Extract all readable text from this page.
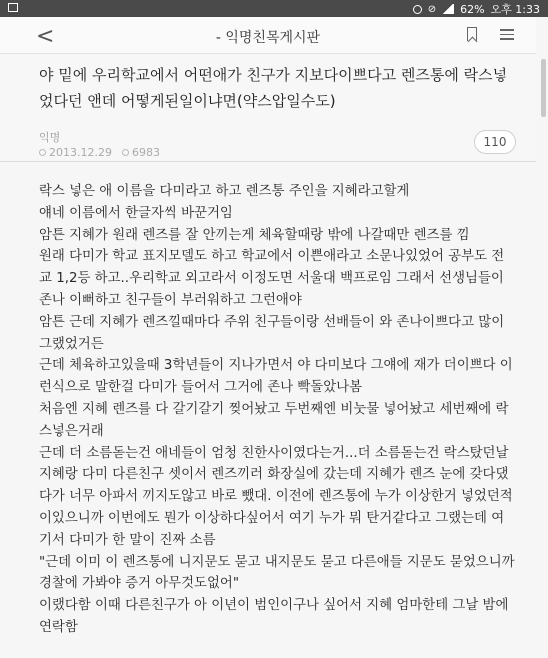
⊘ 62% 오후 1:33
<	- 익명친목게시판
야 밑에 우리학교에서 어떤애가 친구가 지보다이쁘다고 렌즈통에 락스넣었다던 앤데 어떻게된일이냐면(약스압일수도)
익명
2013.12.29	6983
110

락스 넣은 애 이름을 다미라고 하고 렌즈통 주인을 지혜라고할게

얘네 이름에서 한글자씩 바꾼거임

암튼 지혜가 원래 렌즈를 잘 안끼는게 체육할때랑 밖에 나갈때만 렌즈를 낌

원래 다미가 학교 표지모델도 하고 학교에서 이쁜애라고 소문나있었어 공부도 전교 1,2등 하고..우리학교 외고라서 이정도면 서울대 백프로임 그래서 선생님들이 존나 이뻐하고 친구들이 부러워하고 그런애야

암튼 근데 지혜가 렌즈낄때마다 주위 친구들이랑 선배들이 와 존나이쁘다고 많이 그랬었거든

근데 체육하고있을때 3학년들이 지나가면서 야 다미보다 그얘에 재가 더이쁘다 이런식으로 말한걸 다미가 들어서 그거에 존나 빡돌았나봄

처음엔 지혜 렌즈를 다 갈기갈기 찢어놨고 두번째엔 비눗물 넣어놨고 세번째에 락스넣은거래

근데 더 소름돋는건 애네들이 엄청 친한사이였다는거...더 소름돋는건 락스탔던날 지혜랑 다미 다른친구 셋이서 렌즈끼러 화장실에 갔는데 지혜가 렌즈 눈에 갖다댔다가 너무 아파서 끼지도않고 바로 뺐대. 이전에 렌즈통에 누가 이상한거 넣었던적이있으니까 이번에도 뭔가 이상하다싶어서 여기 누가 뭐 탄거같다고 그랬는데 여기서 다미가 한 말이 진짜 소름

"근데 이미 이 렌즈통에 니지문도 묻고 내지문도 묻고 다른애들 지문도 묻었으니까 경찰에 가봐야 증거 아무것도없어"

이랬다함 이때 다른친구가 아 이년이 범인이구나 싶어서 지혜 엄마한테 그날 밤에 연락함
